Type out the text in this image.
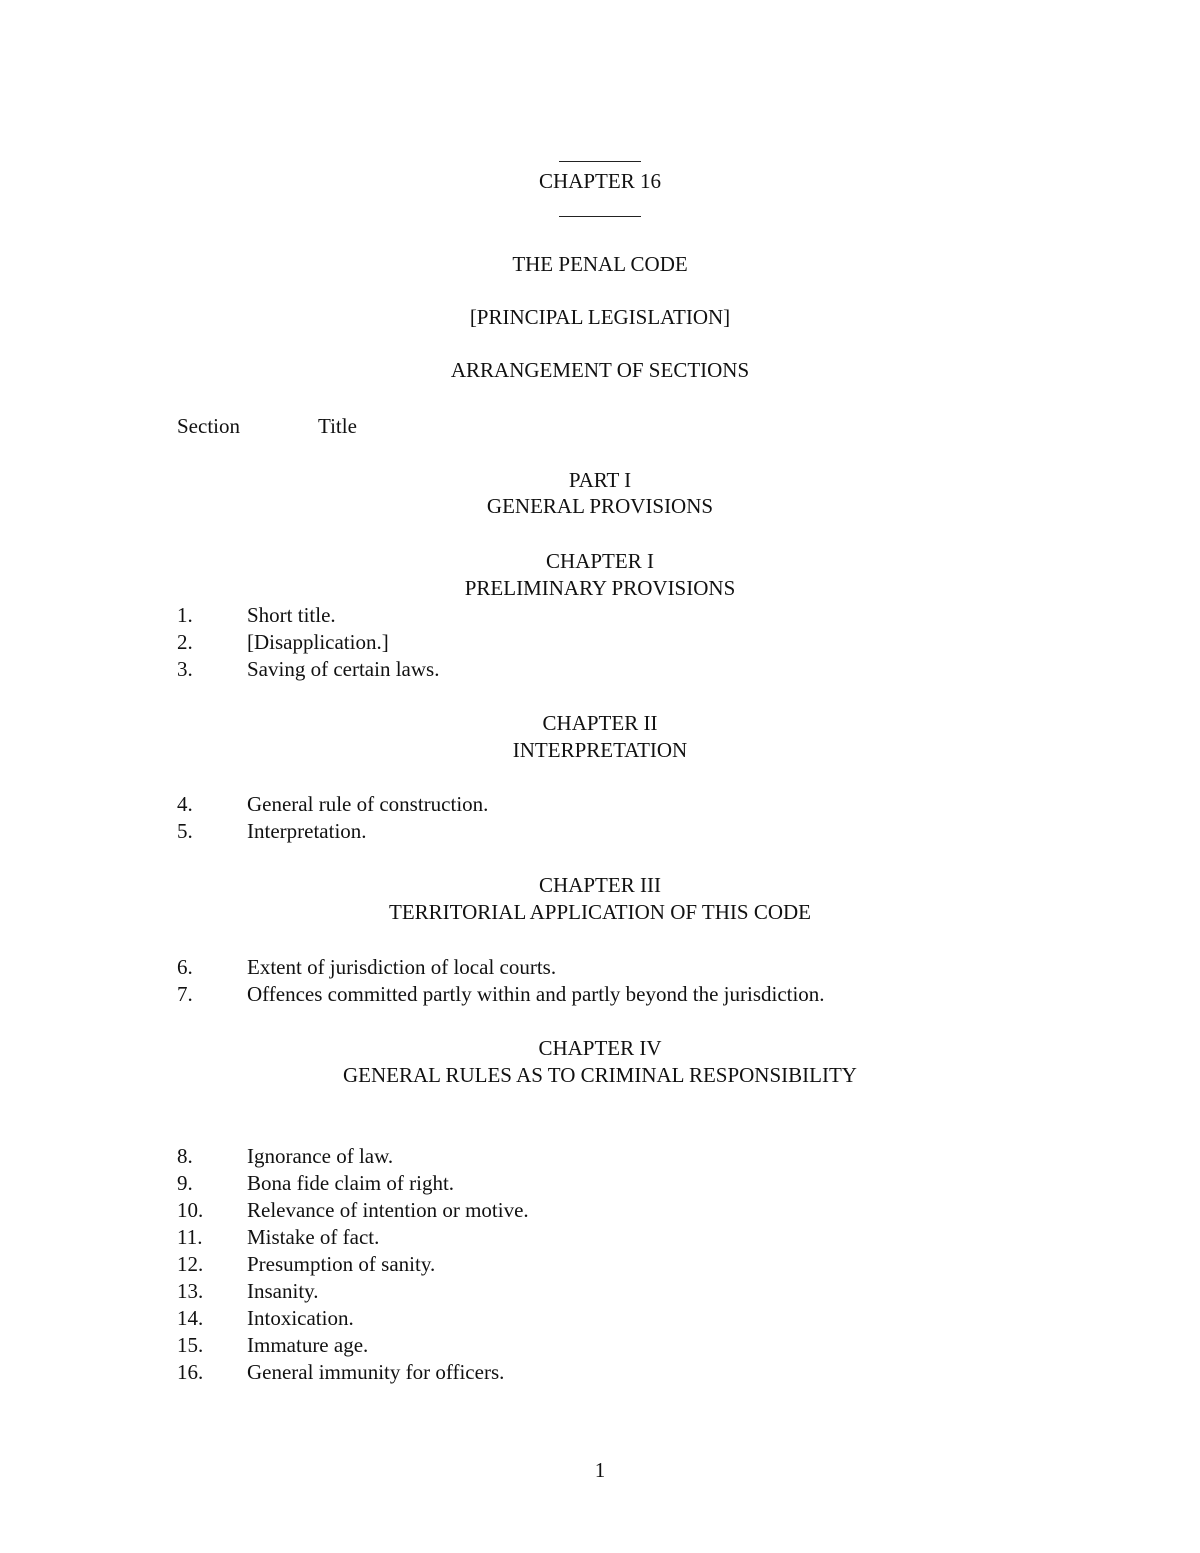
CHAPTER 16
THE PENAL CODE
[PRINCIPAL LEGISLATION]
ARRANGEMENT OF SECTIONS
Section	Title
PART I
GENERAL PROVISIONS
CHAPTER I
PRELIMINARY PROVISIONS
1.	Short title.
2.	[Disapplication.]
3.	Saving of certain laws.
CHAPTER II
INTERPRETATION
4.	General rule of construction.
5.	Interpretation.
CHAPTER III
TERRITORIAL APPLICATION OF THIS CODE
6.	Extent of jurisdiction of local courts.
7.	Offences committed partly within and partly beyond the jurisdiction.
CHAPTER IV
GENERAL RULES AS TO CRIMINAL RESPONSIBILITY
8.	Ignorance of law.
9.	Bona fide claim of right.
10. Relevance of intention or motive.
11. Mistake of fact.
12. Presumption of sanity.
13. Insanity.
14. Intoxication.
15. Immature age.
16. General immunity for officers.
1
